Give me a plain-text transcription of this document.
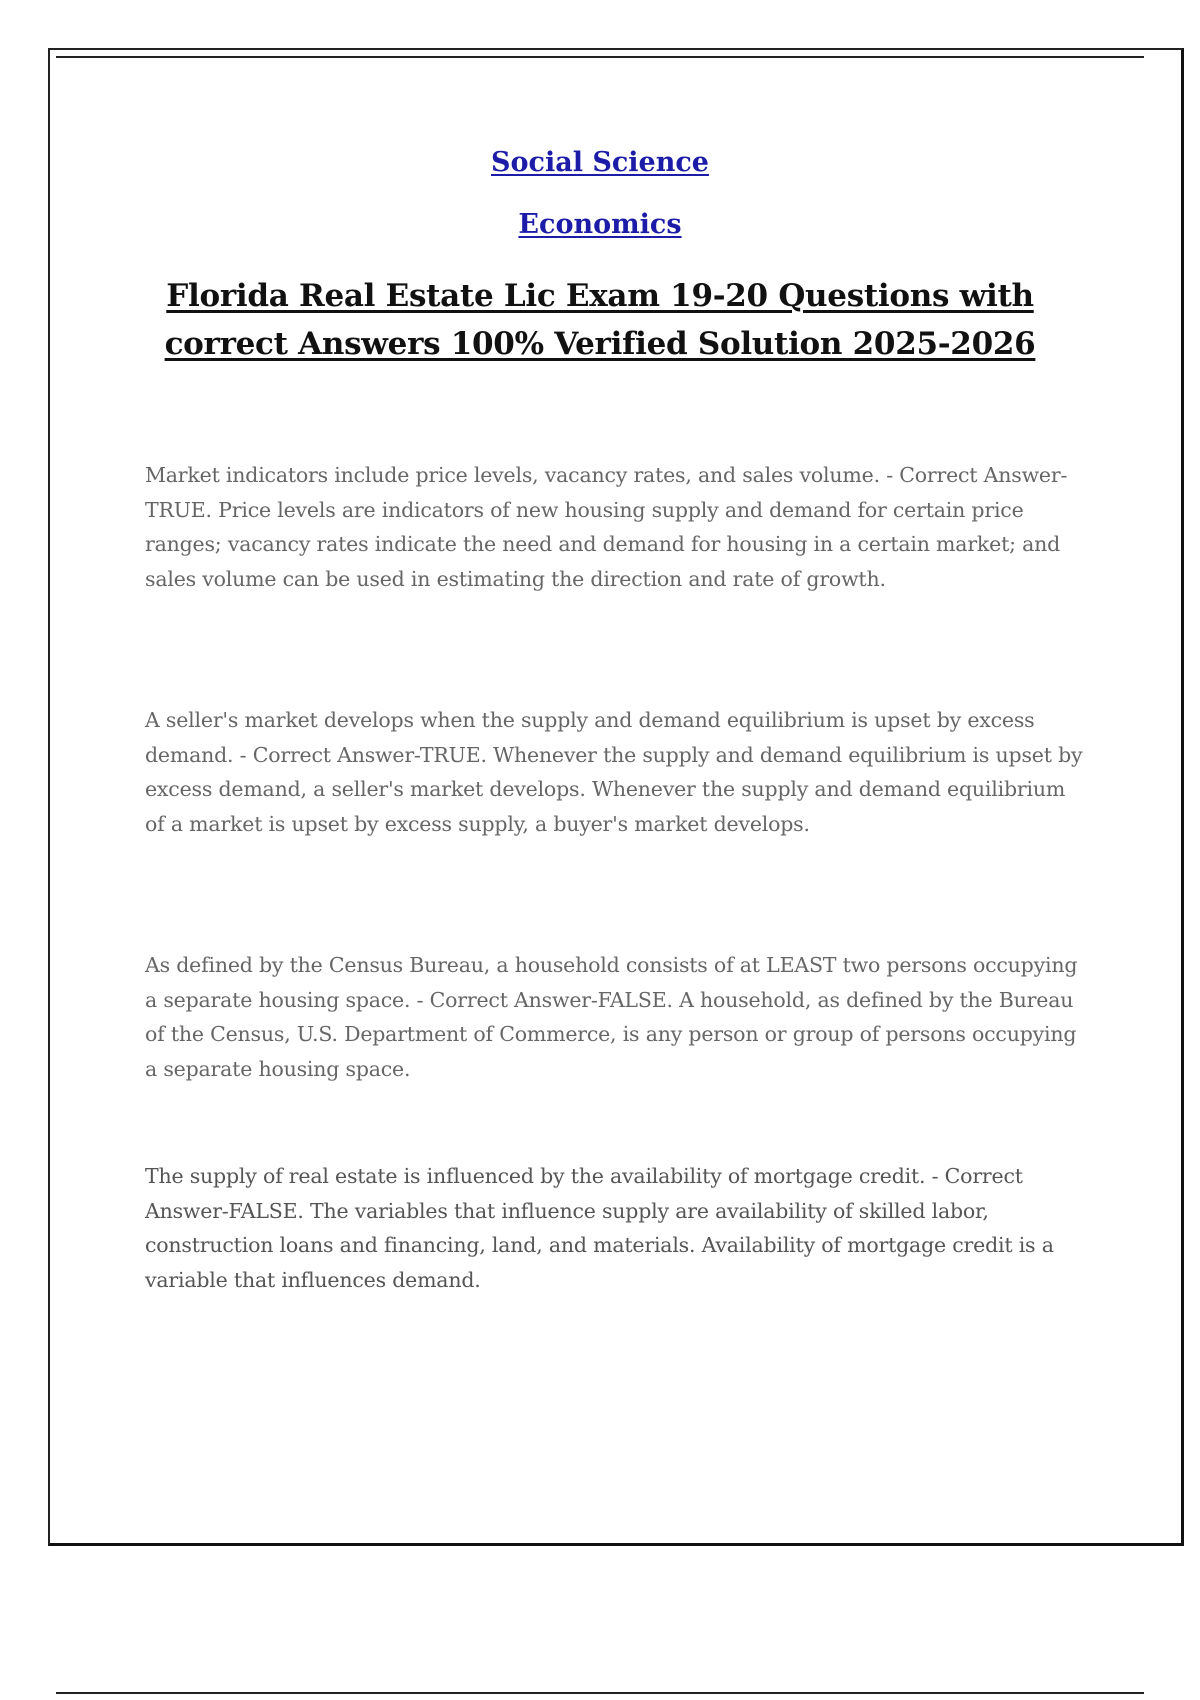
Social Science
Economics
Florida Real Estate Lic Exam 19-20 Questions with
correct Answers 100% Verified Solution 2025-2026

Market indicators include price levels, vacancy rates, and sales volume. - Correct Answer-TRUE. Price levels are indicators of new housing supply and demand for certain price ranges; vacancy rates indicate the need and demand for housing in a certain market; and sales volume can be used in estimating the direction and rate of growth.

A seller's market develops when the supply and demand equilibrium is upset by excess demand. - Correct Answer-TRUE. Whenever the supply and demand equilibrium is upset by excess demand, a seller's market develops. Whenever the supply and demand equilibrium of a market is upset by excess supply, a buyer's market develops.

As defined by the Census Bureau, a household consists of at LEAST two persons occupying a separate housing space. - Correct Answer-FALSE. A household, as defined by the Bureau of the Census, U.S. Department of Commerce, is any person or group of persons occupying a separate housing space.

The supply of real estate is influenced by the availability of mortgage credit. - Correct Answer-FALSE. The variables that influence supply are availability of skilled labor, construction loans and financing, land, and materials. Availability of mortgage credit is a variable that influences demand.
